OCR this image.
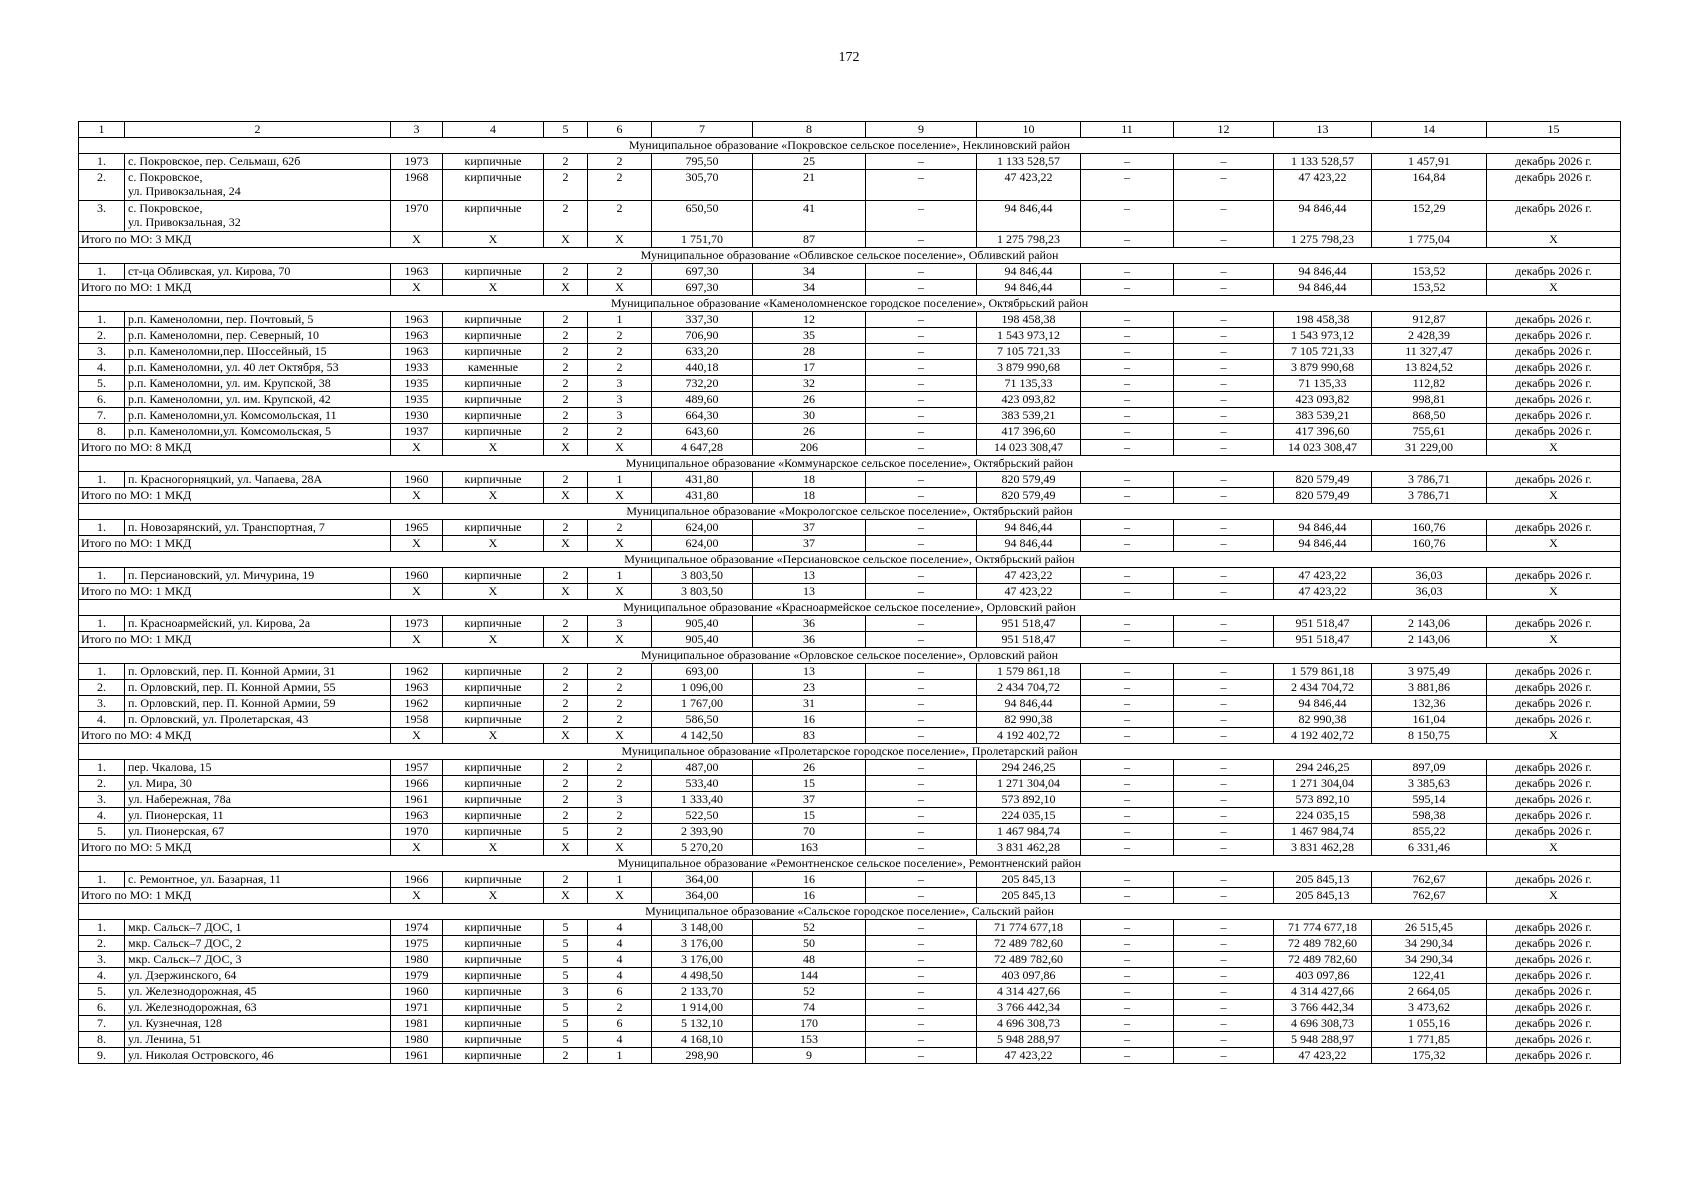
172
1	2	3	4	5	6	7	8	9	10	11	12	13	14	15
Муниципальное образование «Покровское сельское поселение», Неклиновский район														
1.	с. Покровское, пер. Сельмаш, 62б	1973	кирпичные	2	2	795,50	25	–	1 133 528,57	–	–	1 133 528,57	1 457,91	декабрь 2026 г.
2.	с. Покровское,
ул. Привокзальная, 24	1968	кирпичные	2	2	305,70	21	–	47 423,22	–	–	47 423,22	164,84	декабрь 2026 г.
3.	с. Покровское,
ул. Привокзальная, 32	1970	кирпичные	2	2	650,50	41	–	94 846,44	–	–	94 846,44	152,29	декабрь 2026 г.
Итого по МО: 3 МКД		X	X	X	X	1 751,70	87	–	1 275 798,23	–	–	1 275 798,23	1 775,04	X
Муниципальное образование «Обливское сельское поселение», Обливский район														
1.	ст-ца Обливская, ул. Кирова, 70	1963	кирпичные	2	2	697,30	34	–	94 846,44	–	–	94 846,44	153,52	декабрь 2026 г.
Итого по МО: 1 МКД		X	X	X	X	697,30	34	–	94 846,44	–	–	94 846,44	153,52	X
Муниципальное образование «Каменоломненское городское поселение», Октябрьский район														
1.	р.п. Каменоломни, пер. Почтовый, 5	1963	кирпичные	2	1	337,30	12	–	198 458,38	–	–	198 458,38	912,87	декабрь 2026 г.
2.	р.п. Каменоломни, пер. Северный, 10	1963	кирпичные	2	2	706,90	35	–	1 543 973,12	–	–	1 543 973,12	2 428,39	декабрь 2026 г.
3.	р.п. Каменоломни,пер. Шоссейный, 15	1963	кирпичные	2	2	633,20	28	–	7 105 721,33	–	–	7 105 721,33	11 327,47	декабрь 2026 г.
4.	р.п. Каменоломни, ул. 40 лет Октября, 53	1933	каменные	2	2	440,18	17	–	3 879 990,68	–	–	3 879 990,68	13 824,52	декабрь 2026 г.
5.	р.п. Каменоломни, ул. им. Крупской, 38	1935	кирпичные	2	3	732,20	32	–	71 135,33	–	–	71 135,33	112,82	декабрь 2026 г.
6.	р.п. Каменоломни, ул. им. Крупской, 42	1935	кирпичные	2	3	489,60	26	–	423 093,82	–	–	423 093,82	998,81	декабрь 2026 г.
7.	р.п. Каменоломни,ул. Комсомольская, 11	1930	кирпичные	2	3	664,30	30	–	383 539,21	–	–	383 539,21	868,50	декабрь 2026 г.
8.	р.п. Каменоломни,ул. Комсомольская, 5	1937	кирпичные	2	2	643,60	26	–	417 396,60	–	–	417 396,60	755,61	декабрь 2026 г.
Итого по МО: 8 МКД		X	X	X	X	4 647,28	206	–	14 023 308,47	–	–	14 023 308,47	31 229,00	X
Муниципальное образование «Коммунарское сельское поселение», Октябрьский район														
1.	п. Красногорняцкий, ул. Чапаева, 28А	1960	кирпичные	2	1	431,80	18	–	820 579,49	–	–	820 579,49	3 786,71	декабрь 2026 г.
Итого по МО: 1 МКД		X	X	X	X	431,80	18	–	820 579,49	–	–	820 579,49	3 786,71	X
Муниципальное образование «Мокрологское сельское поселение», Октябрьский район														
1.	п. Новозарянский, ул. Транспортная, 7	1965	кирпичные	2	2	624,00	37	–	94 846,44	–	–	94 846,44	160,76	декабрь 2026 г.
Итого по МО: 1 МКД		X	X	X	X	624,00	37	–	94 846,44	–	–	94 846,44	160,76	X
Муниципальное образование «Персиановское сельское поселение», Октябрьский район														
1.	п. Персиановский, ул. Мичурина, 19	1960	кирпичные	2	1	3 803,50	13	–	47 423,22	–	–	47 423,22	36,03	декабрь 2026 г.
Итого по МО: 1 МКД		X	X	X	X	3 803,50	13	–	47 423,22	–	–	47 423,22	36,03	X
Муниципальное образование «Красноармейское сельское поселение», Орловский район														
1.	п. Красноармейский, ул. Кирова, 2а	1973	кирпичные	2	3	905,40	36	–	951 518,47	–	–	951 518,47	2 143,06	декабрь 2026 г.
Итого по МО: 1 МКД		X	X	X	X	905,40	36	–	951 518,47	–	–	951 518,47	2 143,06	X
Муниципальное образование «Орловское сельское поселение», Орловский район														
1.	п. Орловский, пер. П. Конной Армии, 31	1962	кирпичные	2	2	693,00	13	–	1 579 861,18	–	–	1 579 861,18	3 975,49	декабрь 2026 г.
2.	п. Орловский, пер. П. Конной Армии, 55	1963	кирпичные	2	2	1 096,00	23	–	2 434 704,72	–	–	2 434 704,72	3 881,86	декабрь 2026 г.
3.	п. Орловский, пер. П. Конной Армии, 59	1962	кирпичные	2	2	1 767,00	31	–	94 846,44	–	–	94 846,44	132,36	декабрь 2026 г.
4.	п. Орловский, ул. Пролетарская, 43	1958	кирпичные	2	2	586,50	16	–	82 990,38	–	–	82 990,38	161,04	декабрь 2026 г.
Итого по МО: 4 МКД		X	X	X	X	4 142,50	83	–	4 192 402,72	–	–	4 192 402,72	8 150,75	X
Муниципальное образование «Пролетарское городское поселение», Пролетарский район														
1.	пер. Чкалова, 15	1957	кирпичные	2	2	487,00	26	–	294 246,25	–	–	294 246,25	897,09	декабрь 2026 г.
2.	ул. Мира, 30	1966	кирпичные	2	2	533,40	15	–	1 271 304,04	–	–	1 271 304,04	3 385,63	декабрь 2026 г.
3.	ул. Набережная, 78а	1961	кирпичные	2	3	1 333,40	37	–	573 892,10	–	–	573 892,10	595,14	декабрь 2026 г.
4.	ул. Пионерская, 11	1963	кирпичные	2	2	522,50	15	–	224 035,15	–	–	224 035,15	598,38	декабрь 2026 г.
5.	ул. Пионерская, 67	1970	кирпичные	5	2	2 393,90	70	–	1 467 984,74	–	–	1 467 984,74	855,22	декабрь 2026 г.
Итого по МО: 5 МКД		X	X	X	X	5 270,20	163	–	3 831 462,28	–	–	3 831 462,28	6 331,46	X
Муниципальное образование «Ремонтненское сельское поселение», Ремонтненский район														
1.	с. Ремонтное, ул. Базарная, 11	1966	кирпичные	2	1	364,00	16	–	205 845,13	–	–	205 845,13	762,67	декабрь 2026 г.
Итого по МО: 1 МКД		X	X	X	X	364,00	16	–	205 845,13	–	–	205 845,13	762,67	X
Муниципальное образование «Сальское городское поселение», Сальский район														
1.	мкр. Сальск–7 ДОС, 1	1974	кирпичные	5	4	3 148,00	52	–	71 774 677,18	–	–	71 774 677,18	26 515,45	декабрь 2026 г.
2.	мкр. Сальск–7 ДОС, 2	1975	кирпичные	5	4	3 176,00	50	–	72 489 782,60	–	–	72 489 782,60	34 290,34	декабрь 2026 г.
3.	мкр. Сальск–7 ДОС, 3	1980	кирпичные	5	4	3 176,00	48	–	72 489 782,60	–	–	72 489 782,60	34 290,34	декабрь 2026 г.
4.	ул. Дзержинского, 64	1979	кирпичные	5	4	4 498,50	144	–	403 097,86	–	–	403 097,86	122,41	декабрь 2026 г.
5.	ул. Железнодорожная, 45	1960	кирпичные	3	6	2 133,70	52	–	4 314 427,66	–	–	4 314 427,66	2 664,05	декабрь 2026 г.
6.	ул. Железнодорожная, 63	1971	кирпичные	5	2	1 914,00	74	–	3 766 442,34	–	–	3 766 442,34	3 473,62	декабрь 2026 г.
7.	ул. Кузнечная, 128	1981	кирпичные	5	6	5 132,10	170	–	4 696 308,73	–	–	4 696 308,73	1 055,16	декабрь 2026 г.
8.	ул. Ленина, 51	1980	кирпичные	5	4	4 168,10	153	–	5 948 288,97	–	–	5 948 288,97	1 771,85	декабрь 2026 г.
9.	ул. Николая Островского, 46	1961	кирпичные	2	1	298,90	9	–	47 423,22	–	–	47 423,22	175,32	декабрь 2026 г.
